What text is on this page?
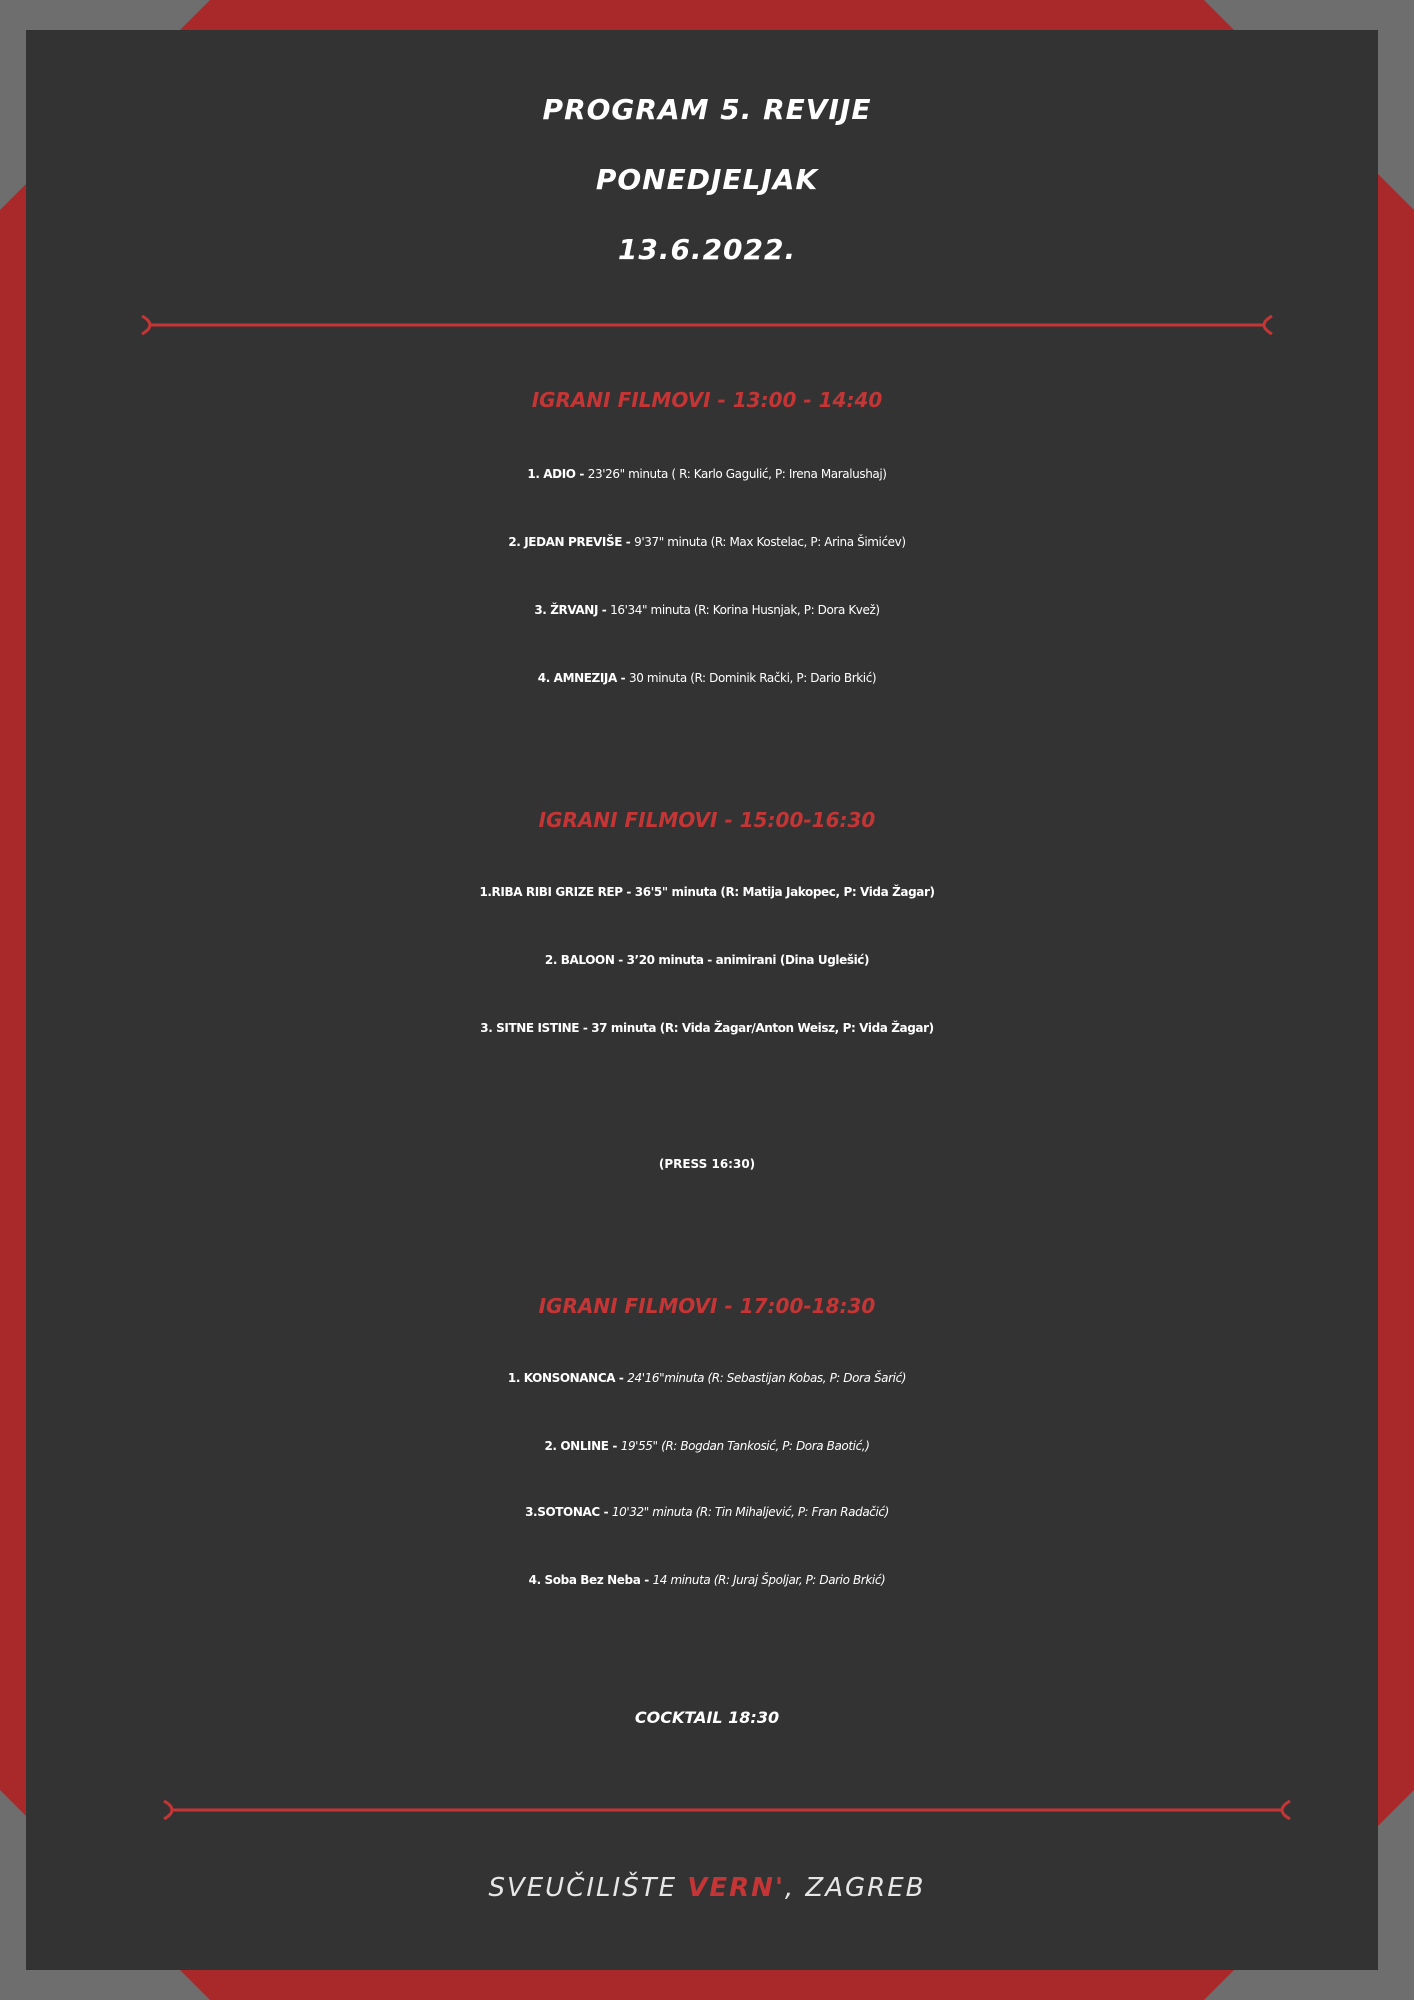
PROGRAM 5. REVIJE
PONEDJELJAK
13.6.2022.
IGRANI FILMOVI - 13:00 - 14:40
1. ADIO - 23'26" minuta ( R: Karlo Gagulić, P: Irena Maralushaj)
2. JEDAN PREVIŠE - 9'37" minuta (R: Max Kostelac, P: Arina Šimićev)
3. ŽRVANJ - 16'34" minuta (R: Korina Husnjak, P: Dora Kvež)
4. AMNEZIJA - 30 minuta (R: Dominik Rački, P: Dario Brkić)
IGRANI FILMOVI - 15:00-16:30
1.RIBA RIBI GRIZE REP - 36'5" minuta (R: Matija Jakopec, P: Vida Žagar)
2. BALOON - 3’20 minuta - animirani (Dina Uglešić)
3. SITNE ISTINE - 37 minuta (R: Vida Žagar/Anton Weisz, P: Vida Žagar)
(PRESS 16:30)
IGRANI FILMOVI - 17:00-18:30
1. KONSONANCA - 24'16"minuta (R: Sebastijan Kobas, P: Dora Šarić)
2. ONLINE - 19'55" (R: Bogdan Tankosić, P: Dora Baotić,)
3.SOTONAC - 10'32" minuta (R: Tin Mihaljević, P: Fran Radačić)
4. Soba Bez Neba - 14 minuta (R: Juraj Špoljar, P: Dario Brkić)
COCKTAIL 18:30
SVEUČILIŠTE VERN', ZAGREB
